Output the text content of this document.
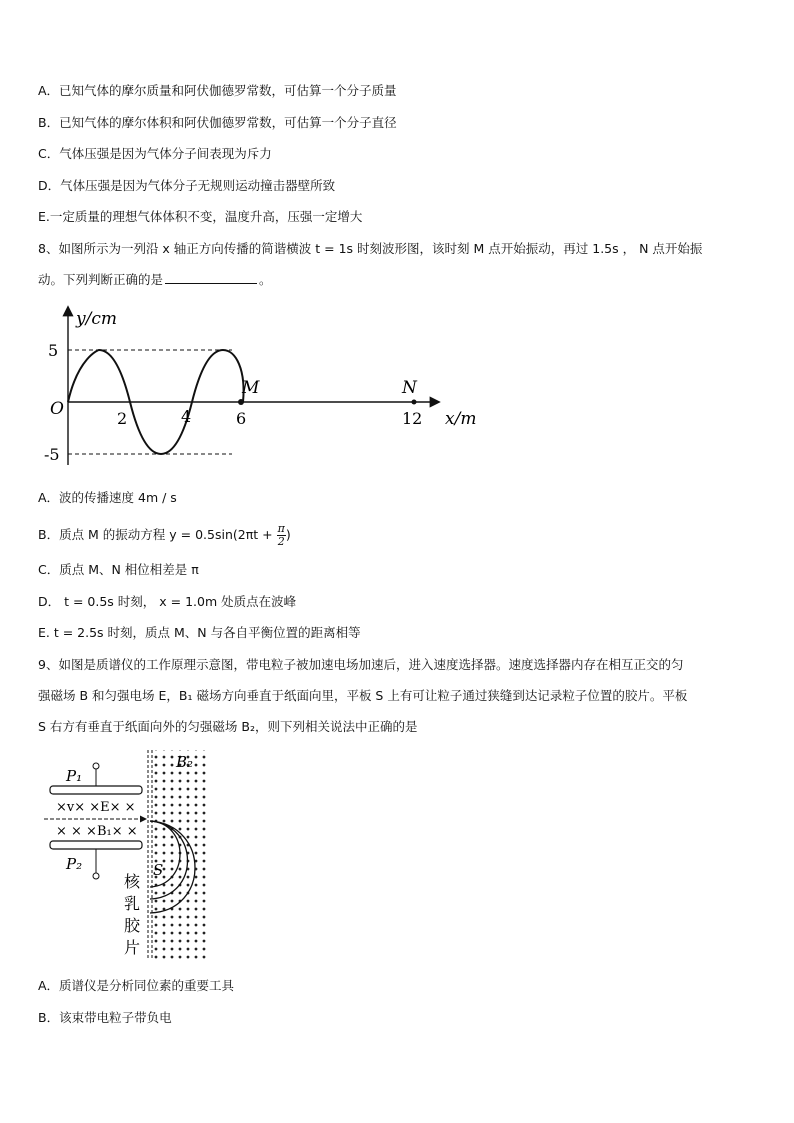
A．已知气体的摩尔质量和阿伏伽德罗常数，可估算一个分子质量
B．已知气体的摩尔体积和阿伏伽德罗常数，可估算一个分子直径
C．气体压强是因为气体分子间表现为斥力
D．气体压强是因为气体分子无规则运动撞击器壁所致
E.一定质量的理想气体体积不变，温度升高，压强一定增大
8、如图所示为一列沿 x 轴正方向传播的简谐横波 t = 1s 时刻波形图，该时刻 M 点开始振动，再过 1.5s ， N 点开始振
动。下列判断正确的是	。
y/cm
x/m
O
5
-5
2	4	6	12
M	N
A．波的传播速度 4m / s
B．质点 M 的振动方程 $y = 0.5\sin(2\pi t + \frac{\pi}{2}$ )
C．质点 M、N 相位相差是 π
D． t = 0.5s 时刻， x = 1.0m 处质点在波峰
E. t = 2.5s 时刻，质点 M、N 与各自平衡位置的距离相等
9、如图是质谱仪的工作原理示意图，带电粒子被加速电场加速后，进入速度选择器。速度选择器内存在相互正交的匀
强磁场 B 和匀强电场 E，B₁ 磁场方向垂直于纸面向里，平板 S 上有可让粒子通过狭缝到达记录粒子位置的胶片。平板
S 右方有垂直于纸面向外的匀强磁场 B₂，则下列相关说法中正确的是
P₁
P₂
B₂
S
×v× ×E× ×
× × ×B₁× ×
核
乳
胶
片
A．质谱仪是分析同位素的重要工具
B．该束带电粒子带负电
